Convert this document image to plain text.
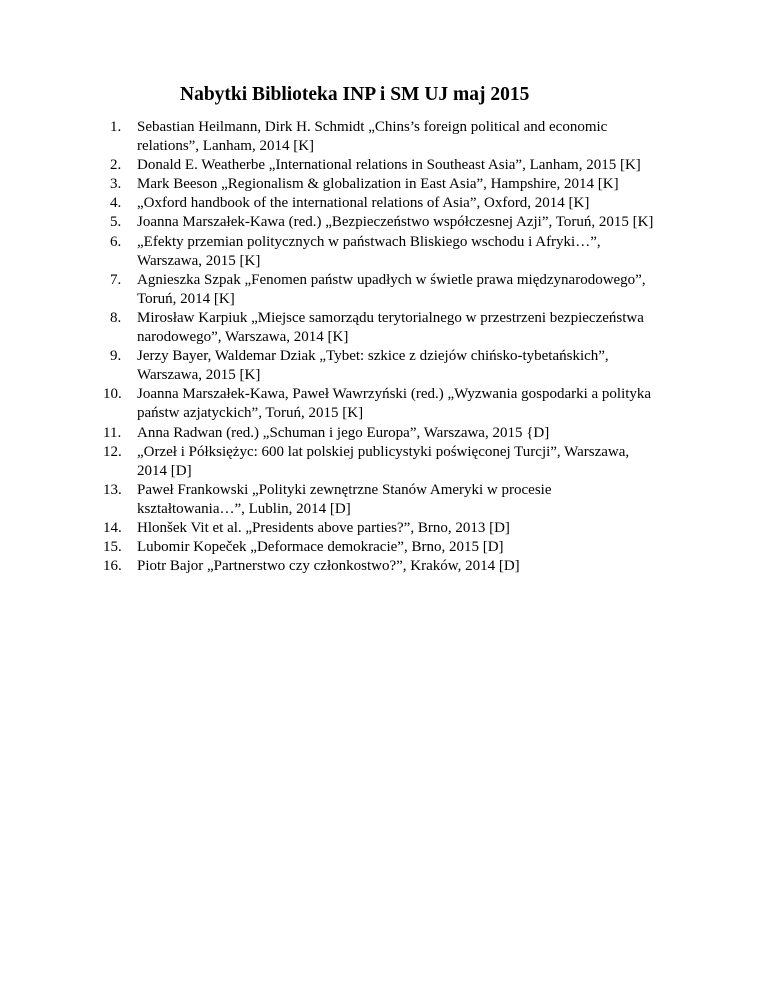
Nabytki Biblioteka INP i SM UJ maj 2015
1. Sebastian Heilmann, Dirk H. Schmidt „Chins’s foreign political and economic
relations”, Lanham, 2014 [K]
2. Donald E. Weatherbe „International relations in Southeast Asia”, Lanham, 2015 [K]
3. Mark Beeson „Regionalism & globalization in East Asia”, Hampshire, 2014 [K]
4. „Oxford handbook of the international relations of Asia”, Oxford, 2014 [K]
5. Joanna Marszałek-Kawa (red.) „Bezpieczeństwo współczesnej Azji”, Toruń, 2015 [K]
6. „Efekty przemian politycznych w państwach Bliskiego wschodu i Afryki…”,
Warszawa, 2015 [K]
7. Agnieszka Szpak „Fenomen państw upadłych w świetle prawa międzynarodowego”,
Toruń, 2014 [K]
8. Mirosław Karpiuk „Miejsce samorządu terytorialnego w przestrzeni bezpieczeństwa
narodowego”, Warszawa, 2014 [K]
9. Jerzy Bayer, Waldemar Dziak „Tybet: szkice z dziejów chińsko-tybetańskich”,
Warszawa, 2015 [K]
10. Joanna Marszałek-Kawa, Paweł Wawrzyński (red.) „Wyzwania gospodarki a polityka
państw azjatyckich”, Toruń, 2015 [K]
11. Anna Radwan (red.) „Schuman i jego Europa”, Warszawa, 2015 {D]
12. „Orzeł i Półksiężyc: 600 lat polskiej publicystyki poświęconej Turcji”, Warszawa,
2014 [D]
13. Paweł Frankowski „Polityki zewnętrzne Stanów Ameryki w procesie
kształtowania…”, Lublin, 2014 [D]
14. Hlonšek Vit et al. „Presidents above parties?”, Brno, 2013 [D]
15. Lubomir Kopeček „Deformace demokracie”, Brno, 2015 [D]
16. Piotr Bajor „Partnerstwo czy członkostwo?”, Kraków, 2014 [D]
